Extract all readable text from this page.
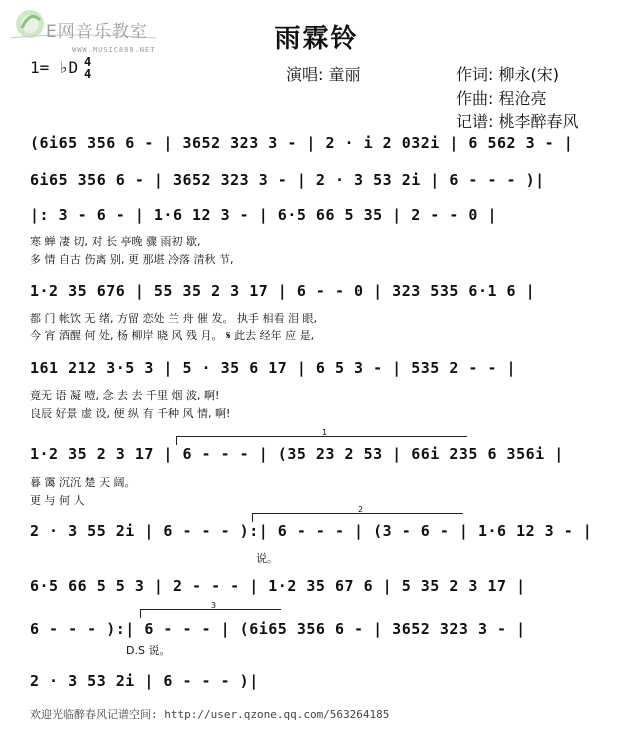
E网音乐教室
WWW.MUSIC888.NET	雨霖铃
1= ♭D 4
4	演唱: 童丽	作词: 柳永(宋)
作曲: 程沧亮
记谱: 桃李醉春风
(6i65 356 6 - | 3652 323 3 - | 2 · i 2 032i | 6 562 3 - |
6i65 356 6 - | 3652 323 3 - | 2 · 3 53 2i | 6 - - - )|
|: 3 - 6 - | 1·6 12 3 - | 6·5 66 5 35 | 2 - - 0 |
寒 蝉 凄 切, 对 长 亭晚 骤 雨初 歇,
多 情 自古 伤离 别, 更 那堪 冷落 清秋 节,
1·2 35 676 | 55 35 2 3 17 | 6 - - 0 | 323 535 6·1 6 |
都 门 帐饮 无 绪, 方留 恋处 兰 舟 催 发。 执手 相看 泪 眼,
今 宵 酒醒 何 处, 杨 柳岸 晓 风 残 月。 𝄋 此去 经年 应 是,
161 212 3·5 3 | 5 · 35 6 17 | 6 5 3 - | 535 2 - - |
竟无 语 凝 噎, 念 去 去 千里 烟 波, 啊!
良辰 好景 虚 设, 便 纵 有 千种 风 情, 啊!
1
1·2 35 2 3 17 | 6 - - - | (35 23 2 53 | 66i 235 6 356i |
暮 霭 沉沉 楚 天 阔。
更 与 何 人
2
2 · 3 55 2i | 6 - - - ):| 6 - - - | (3 - 6 - | 1·6 12 3 - |
说。
6·5 66 5 5 3 | 2 - - - | 1·2 35 67 6 | 5 35 2 3 17 |
3
6 - - - ):| 6 - - - | (6i65 356 6 - | 3652 323 3 - |
D.S 说。
2 · 3 53 2i | 6 - - - )|
欢迎光临醉春风记谱空间: http://user.qzone.qq.com/563264185
